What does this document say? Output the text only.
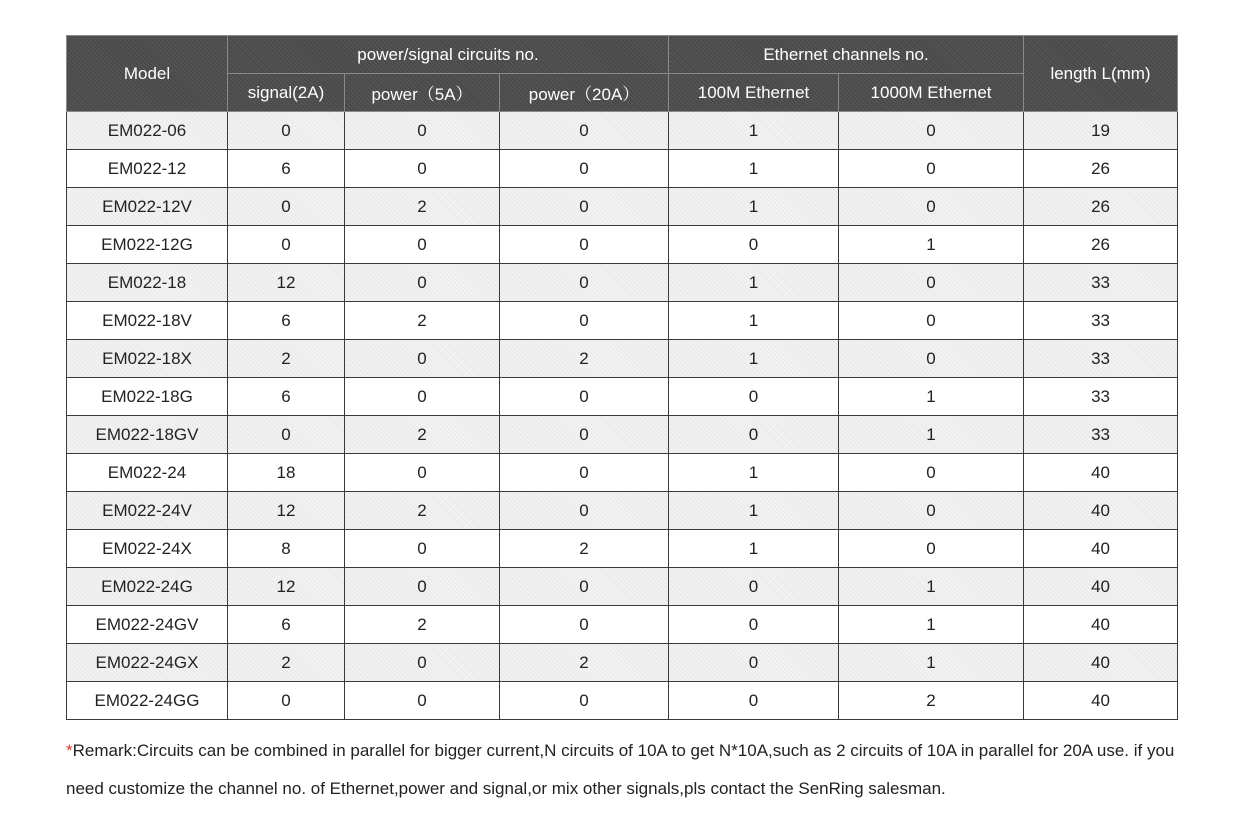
Model	power/signal circuits no.			Ethernet channels no.		length L(mm)
	signal(2A)	power（5A）	power（20A）	100M Ethernet	1000M Ethernet	
EM022-06	0	0	0	1	0	19
EM022-12	6	0	0	1	0	26
EM022-12V	0	2	0	1	0	26
EM022-12G	0	0	0	0	1	26
EM022-18	12	0	0	1	0	33
EM022-18V	6	2	0	1	0	33
EM022-18X	2	0	2	1	0	33
EM022-18G	6	0	0	0	1	33
EM022-18GV	0	2	0	0	1	33
EM022-24	18	0	0	1	0	40
EM022-24V	12	2	0	1	0	40
EM022-24X	8	0	2	1	0	40
EM022-24G	12	0	0	0	1	40
EM022-24GV	6	2	0	0	1	40
EM022-24GX	2	0	2	0	1	40
EM022-24GG	0	0	0	0	2	40
*Remark:Circuits can be combined in parallel for bigger current,N circuits of 10A to get N*10A,such as 2 circuits of 10A in parallel for 20A use. if you need customize the channel no. of Ethernet,power and signal,or mix other signals,pls contact the SenRing salesman.
